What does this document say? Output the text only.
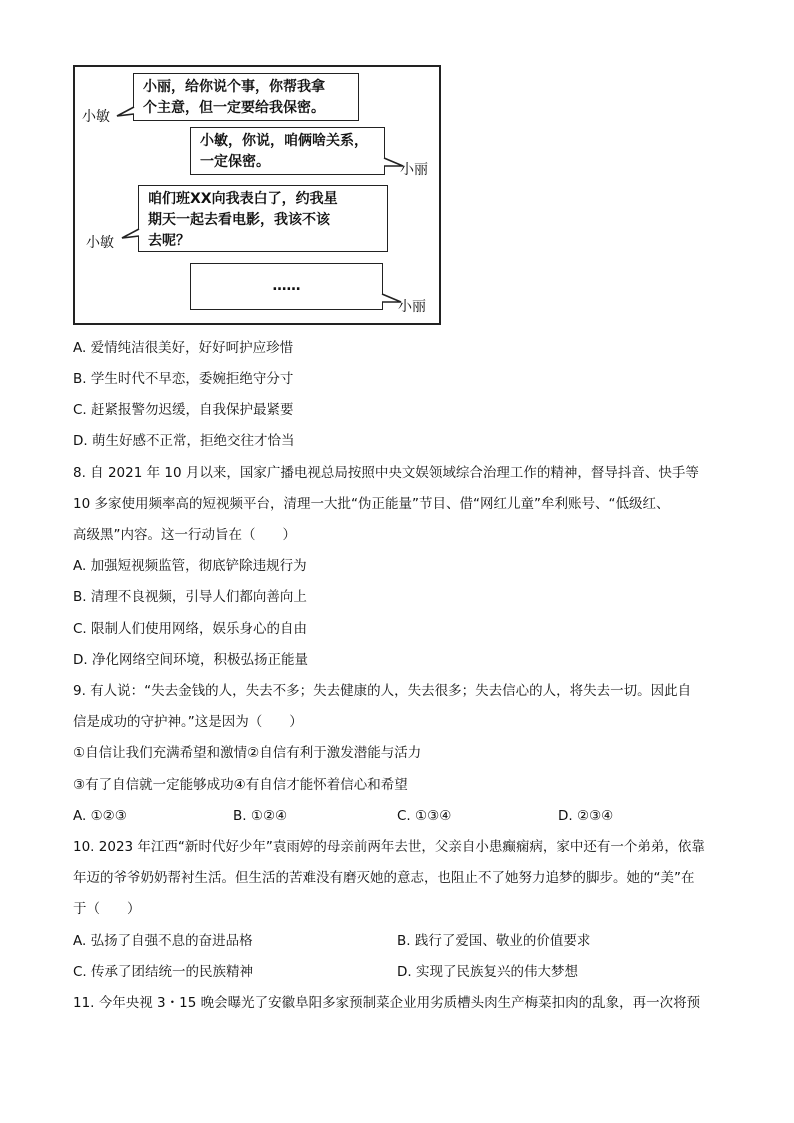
小丽，给你说个事，你帮我拿
个主意，但一定要给我保密。
小敏
小敏，你说，咱俩啥关系，
一定保密。	小丽
咱们班XX向我表白了，约我星
期天一起去看电影，我该不该
去呢？
小敏
……
小丽
A. 爱情纯洁很美好，好好呵护应珍惜
B. 学生时代不早恋，委婉拒绝守分寸
C. 赶紧报警勿迟缓，自我保护最紧要
D. 萌生好感不正常，拒绝交往才恰当
8. 自 2021 年 10 月以来，国家广播电视总局按照中央文娱领域综合治理工作的精神，督导抖音、快手等
10 多家使用频率高的短视频平台，清理一大批“伪正能量”节目、借“网红儿童”牟利账号、“低级红、
高级黑”内容。这一行动旨在（　　）
A. 加强短视频监管，彻底铲除违规行为
B. 清理不良视频，引导人们都向善向上
C. 限制人们使用网络，娱乐身心的自由
D. 净化网络空间环境，积极弘扬正能量
9. 有人说：“失去金钱的人，失去不多；失去健康的人，失去很多；失去信心的人，将失去一切。因此自
信是成功的守护神。”这是因为（　　）
①自信让我们充满希望和激情②自信有利于激发潜能与活力
③有了自信就一定能够成功④有自信才能怀着信心和希望
A. ①②③	B. ①②④	C. ①③④	D. ②③④
10. 2023 年江西“新时代好少年”袁雨婷的母亲前两年去世，父亲自小患癫痫病，家中还有一个弟弟，依靠
年迈的爷爷奶奶帮衬生活。但生活的苦难没有磨灭她的意志，也阻止不了她努力追梦的脚步。她的“美”在
于（　　）
A. 弘扬了自强不息的奋进品格	B. 践行了爱国、敬业的价值要求
C. 传承了团结统一的民族精神	D. 实现了民族复兴的伟大梦想
11. 今年央视 3・15 晚会曝光了安徽阜阳多家预制菜企业用劣质槽头肉生产梅菜扣肉的乱象，再一次将预
